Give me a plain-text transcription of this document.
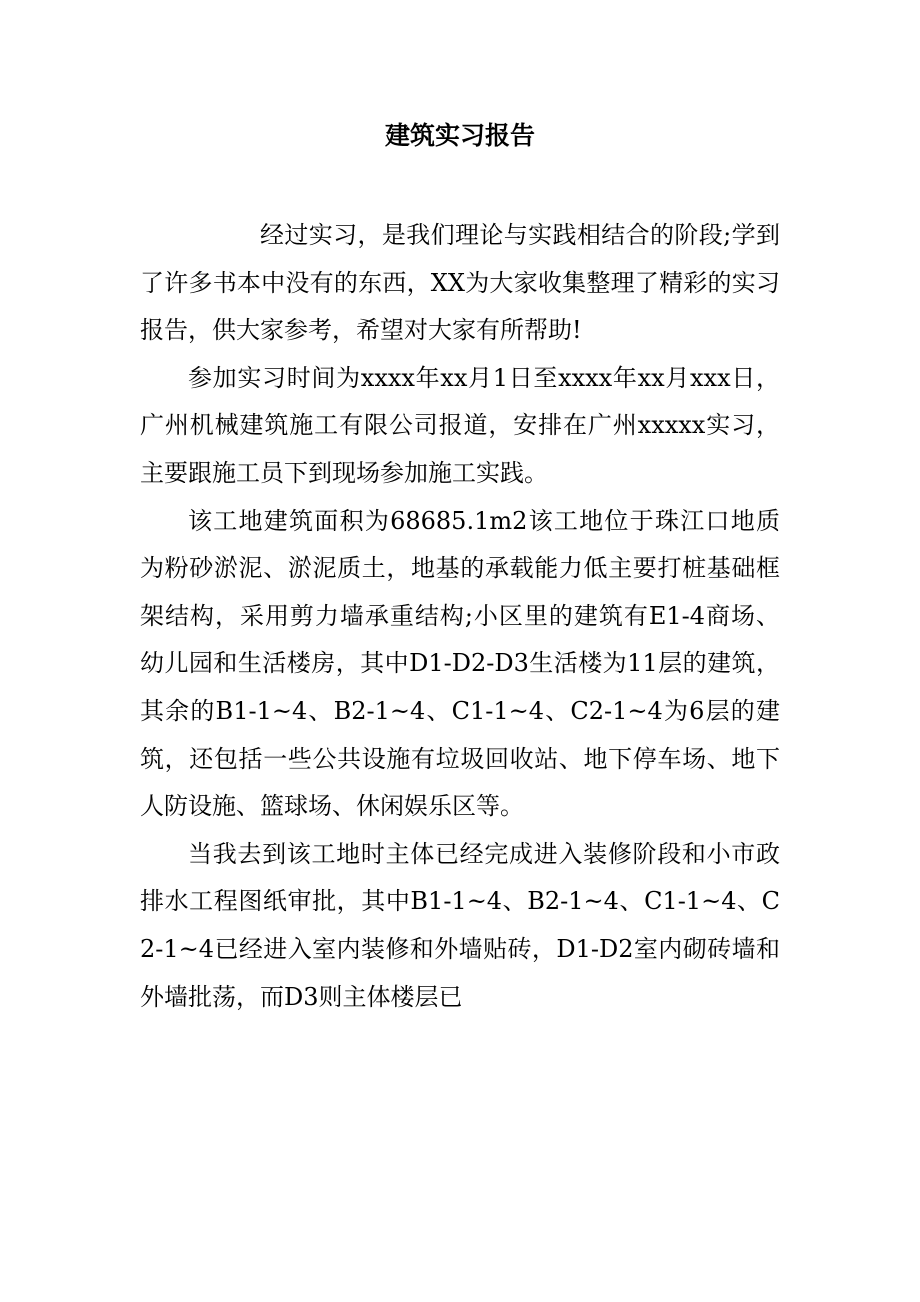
建筑实习报告

经过实习，是我们理论与实践相结合的阶段;学到了许多书本中没有的东西，XX为大家收集整理了精彩的实习报告，供大家参考，希望对大家有所帮助!

参加实习时间为xxxx年xx月1日至xxxx年xx月xxx日，广州机械建筑施工有限公司报道，安排在广州xxxxx实习，主要跟施工员下到现场参加施工实践。

该工地建筑面积为68685.1m2该工地位于珠江口地质为粉砂淤泥、淤泥质土，地基的承载能力低主要打桩基础框架结构，采用剪力墙承重结构;小区里的建筑有E1-4商场、幼儿园和生活楼房，其中D1-D2-D3生活楼为11层的建筑，其余的B1-1~4、B2-1~4、C1-1~4、C2-1~4为6层的建筑，还包括一些公共设施有垃圾回收站、地下停车场、地下人防设施、篮球场、休闲娱乐区等。

当我去到该工地时主体已经完成进入装修阶段和小市政排水工程图纸审批，其中B1-1~4、B2-1~4、C1-1~4、C2-1~4已经进入室内装修和外墙贴砖，D1-D2室内砌砖墙和外墙批荡，而D3则主体楼层已
